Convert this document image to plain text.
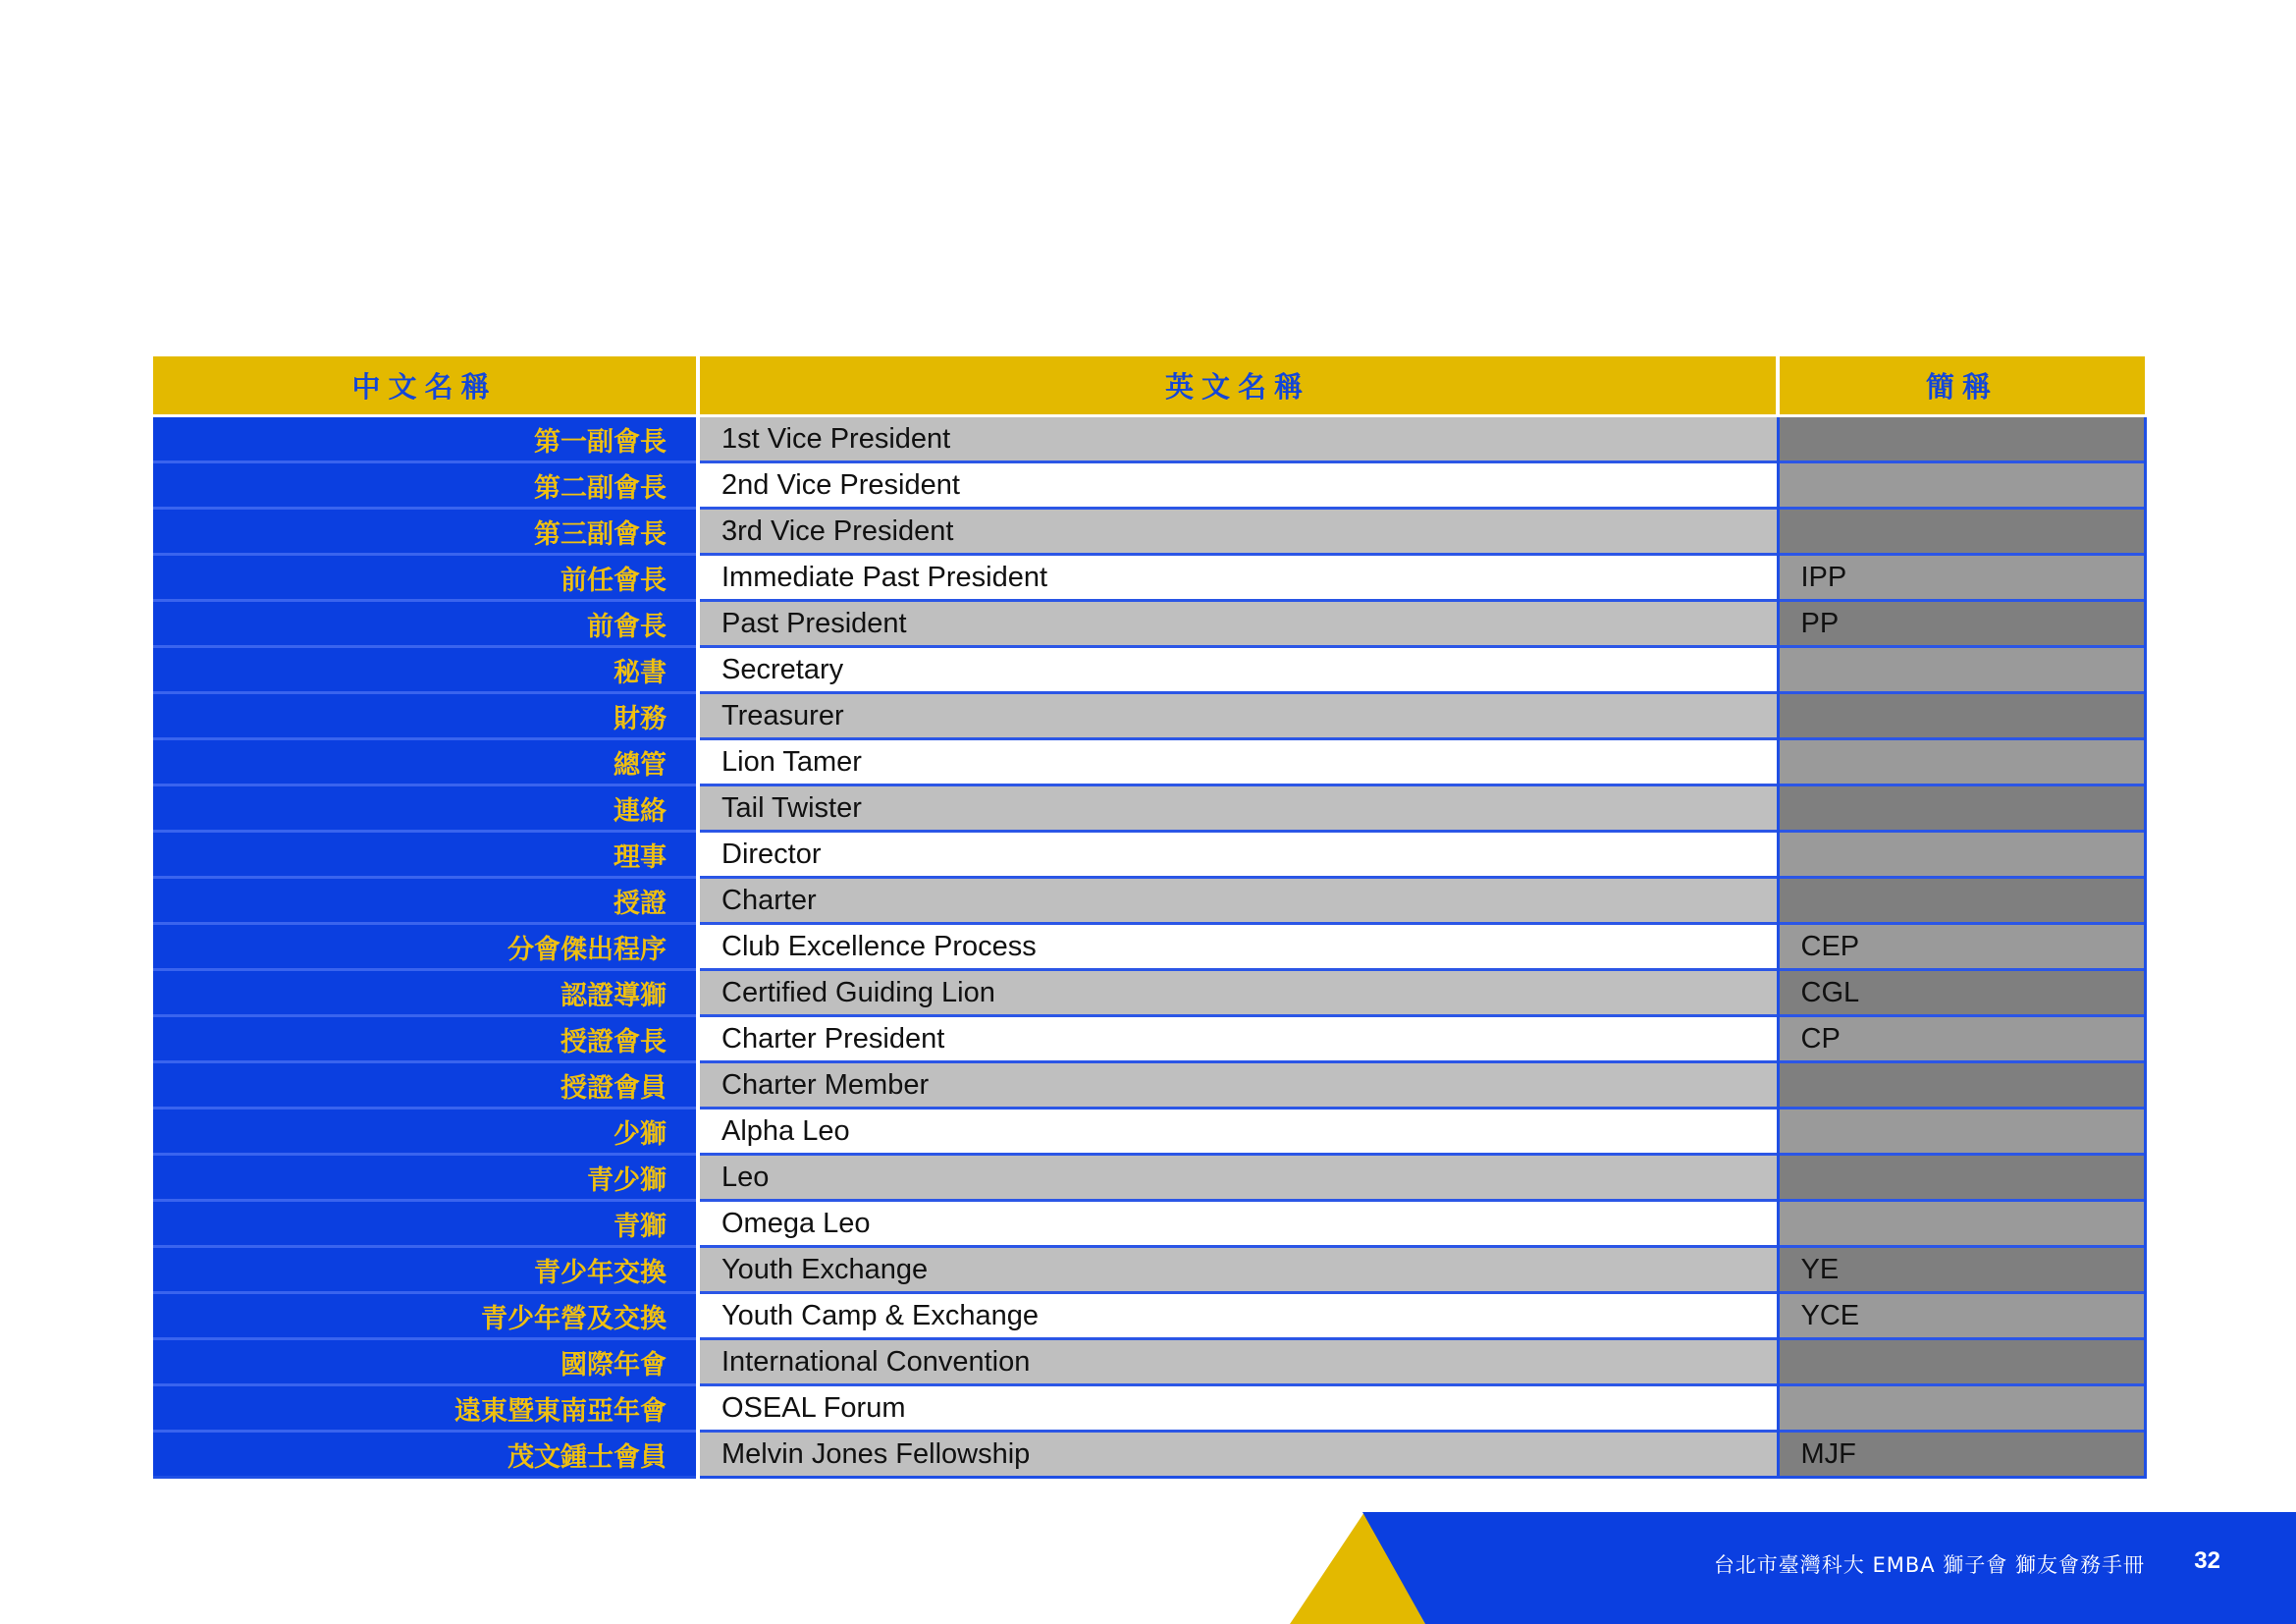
中文名稱	英文名稱	簡稱
第一副會長	1st Vice President	
第二副會長	2nd Vice President	
第三副會長	3rd Vice President	
前任會長	Immediate Past President	IPP
前會長	Past President	PP
秘書	Secretary	
財務	Treasurer	
總管	Lion Tamer	
連絡	Tail Twister	
理事	Director	
授證	Charter	
分會傑出程序	Club Excellence Process	CEP
認證導獅	Certified Guiding Lion	CGL
授證會長	Charter President	CP
授證會員	Charter Member	
少獅	Alpha Leo	
青少獅	Leo	
青獅	Omega Leo	
青少年交換	Youth Exchange	YE
青少年營及交換	Youth Camp & Exchange	YCE
國際年會	International Convention	
遠東暨東南亞年會	OSEAL Forum	
茂文鍾士會員	Melvin Jones Fellowship	MJF
台北市臺灣科大 EMBA 獅子會 獅友會務手冊 32
